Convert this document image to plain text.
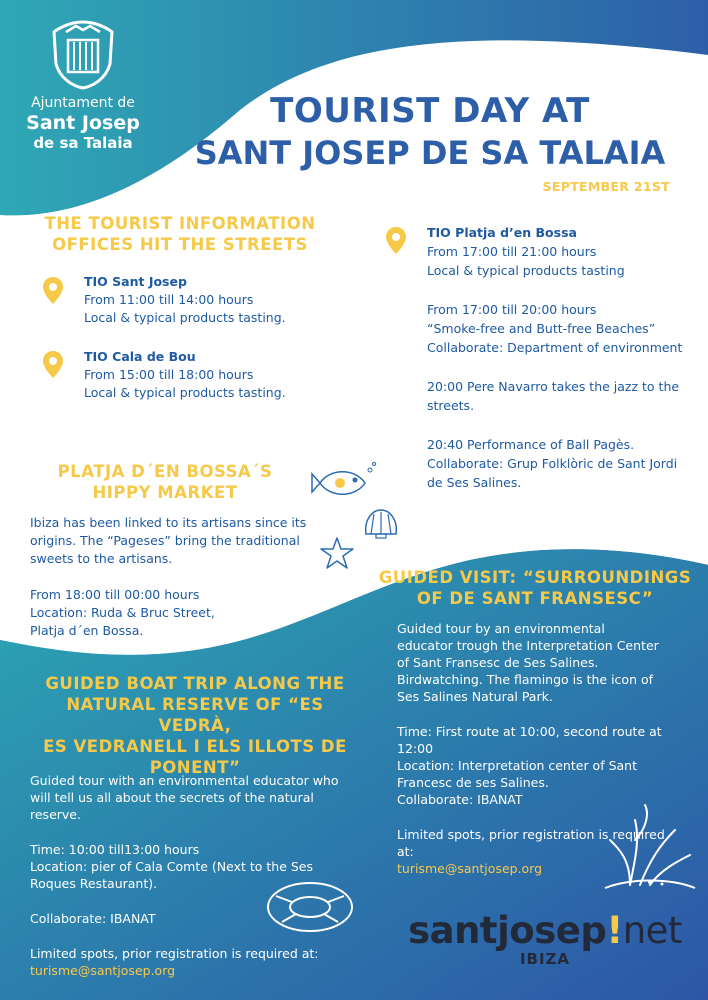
Ajuntament de
Sant Josep
de sa Talaia
TOURIST DAY AT
SANT JOSEP DE SA TALAIA
SEPTEMBER 21ST
THE TOURIST INFORMATION
OFFICES HIT THE STREETS
TIO Sant Josep
From 11:00 till 14:00 hours
Local & typical products tasting.
TIO Cala de Bou
From 15:00 till 18:00 hours
Local & typical products tasting.
TIO Platja d’en Bossa
From 17:00 till 21:00 hours
Local & typical products tasting
From 17:00 till 20:00 hours
“Smoke-free and Butt-free Beaches”
Collaborate: Department of environment
20:00 Pere Navarro takes the jazz to the
streets.
20:40 Performance of Ball Pagès.
Collaborate: Grup Folklòric de Sant Jordi
de Ses Salines.
PLATJA D´EN BOSSA´S
HIPPY MARKET
Ibiza has been linked to its artisans since its
origins. The “Pageses” bring the traditional
sweets to the artisans.
From 18:00 till 00:00 hours
Location: Ruda & Bruc Street,
Platja d´en Bossa.
GUIDED VISIT: “SURROUNDINGS
OF DE SANT FRANSESC”
Guided tour by an environmental
educator trough the Interpretation Center
of Sant Fransesc de Ses Salines.
Birdwatching. The flamingo is the icon of
Ses Salines Natural Park.
Time: First route at 10:00, second route at
12:00
Location: Interpretation center of Sant
Francesc de ses Salines.
Collaborate: IBANAT
Limited spots, prior registration is required
at:
turisme@santjosep.org
GUIDED BOAT TRIP ALONG THE
NATURAL RESERVE OF “ES VEDRÀ,
ES VEDRANELL I ELS ILLOTS DE
PONENT”
Guided tour with an environmental educator who
will tell us all about the secrets of the natural
reserve.
Time: 10:00 till13:00 hours
Location: pier of Cala Comte (Next to the Ses
Roques Restaurant).
Collaborate: IBANAT
Limited spots, prior registration is required at:
turisme@santjosep.org
santjosep!net
IBIZA
